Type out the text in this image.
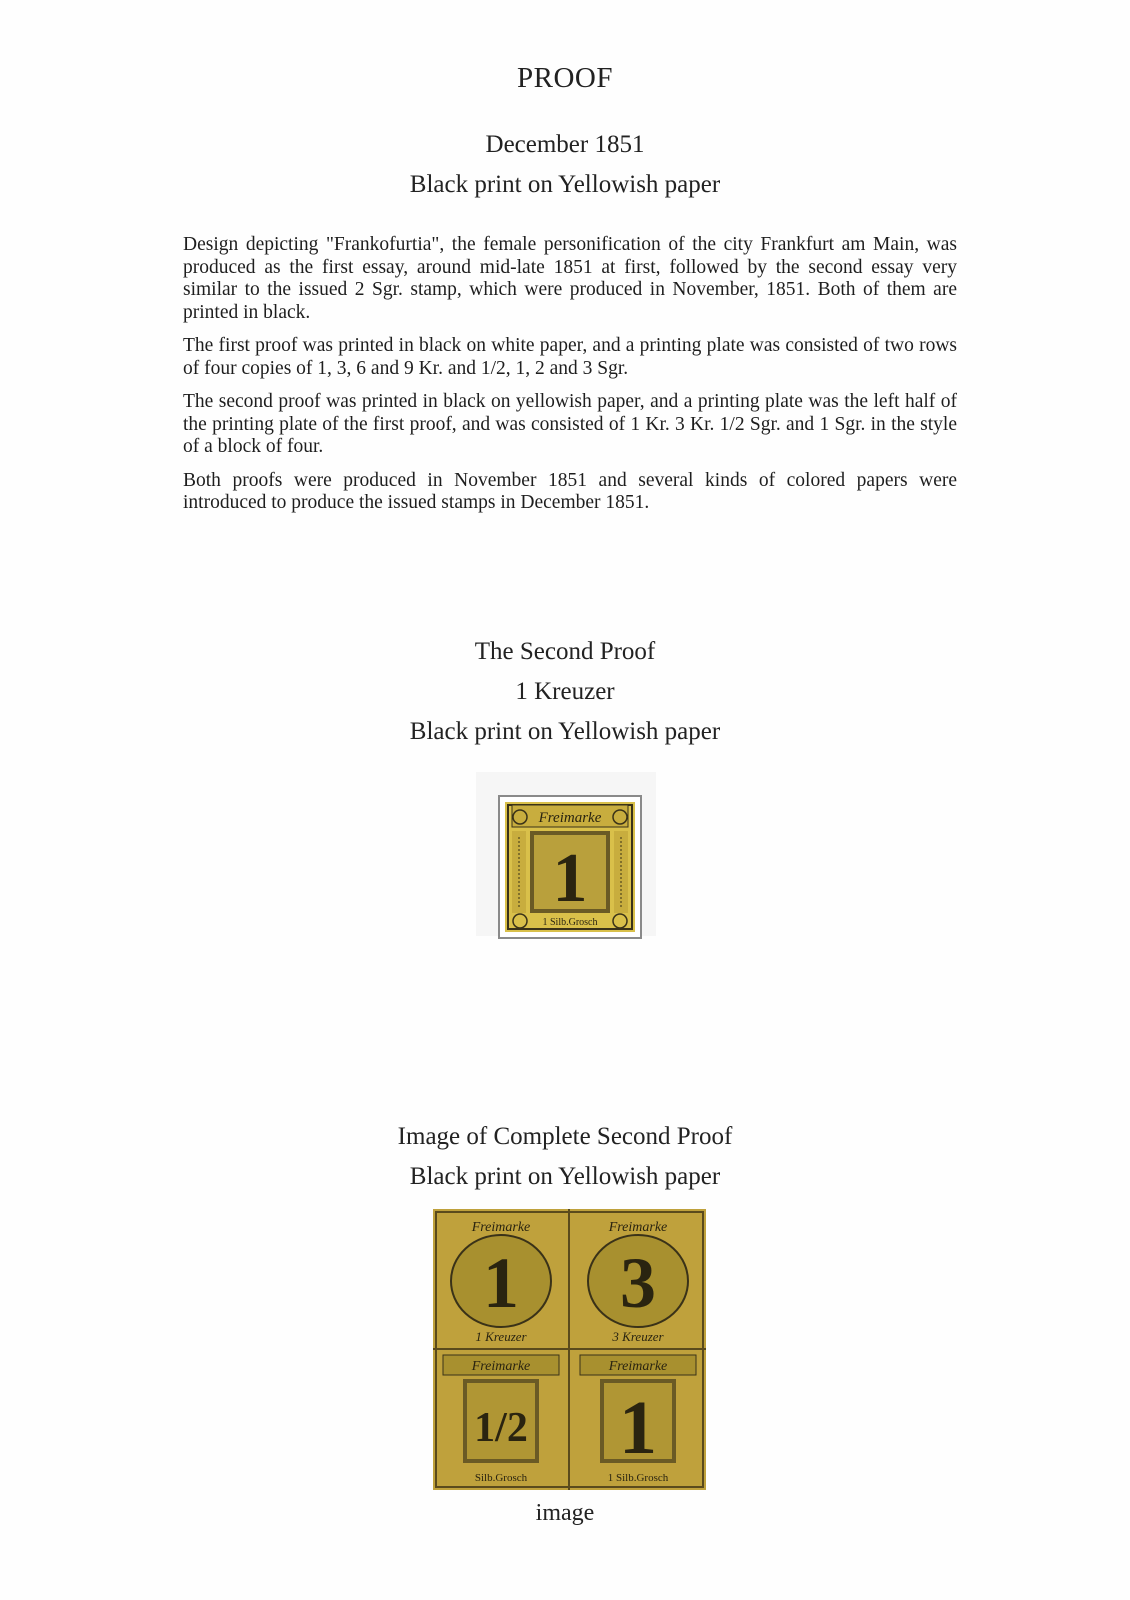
PROOF
December 1851
Black print on Yellowish paper

Design depicting "Frankofurtia", the female personification of the city Frankfurt am Main, was produced as the first essay, around mid-late 1851 at first, followed by the second essay very similar to the issued 2 Sgr. stamp, which were produced in November, 1851. Both of them are printed in black.

The first proof was printed in black on white paper, and a printing plate was consisted of two rows of four copies of 1, 3, 6 and 9 Kr. and 1/2, 1, 2 and 3 Sgr.

The second proof was printed in black on yellowish paper, and a printing plate was the left half of the printing plate of the first proof, and was consisted of 1 Kr. 3 Kr. 1/2 Sgr. and 1 Sgr. in the style of a block of four.

Both proofs were produced in November 1851 and several kinds of colored papers were introduced to produce the issued stamps in December 1851.

The Second Proof
1 Kreuzer
Black print on Yellowish paper
Freimarke
1
1 Silb.Grosch
Image of Complete Second Proof
Black print on Yellowish paper
Freimarke
1
1 Kreuzer
Freimarke
3
3 Kreuzer
Freimarke
1/2
Silb.Grosch
Freimarke
1
1 Silb.Grosch
image
